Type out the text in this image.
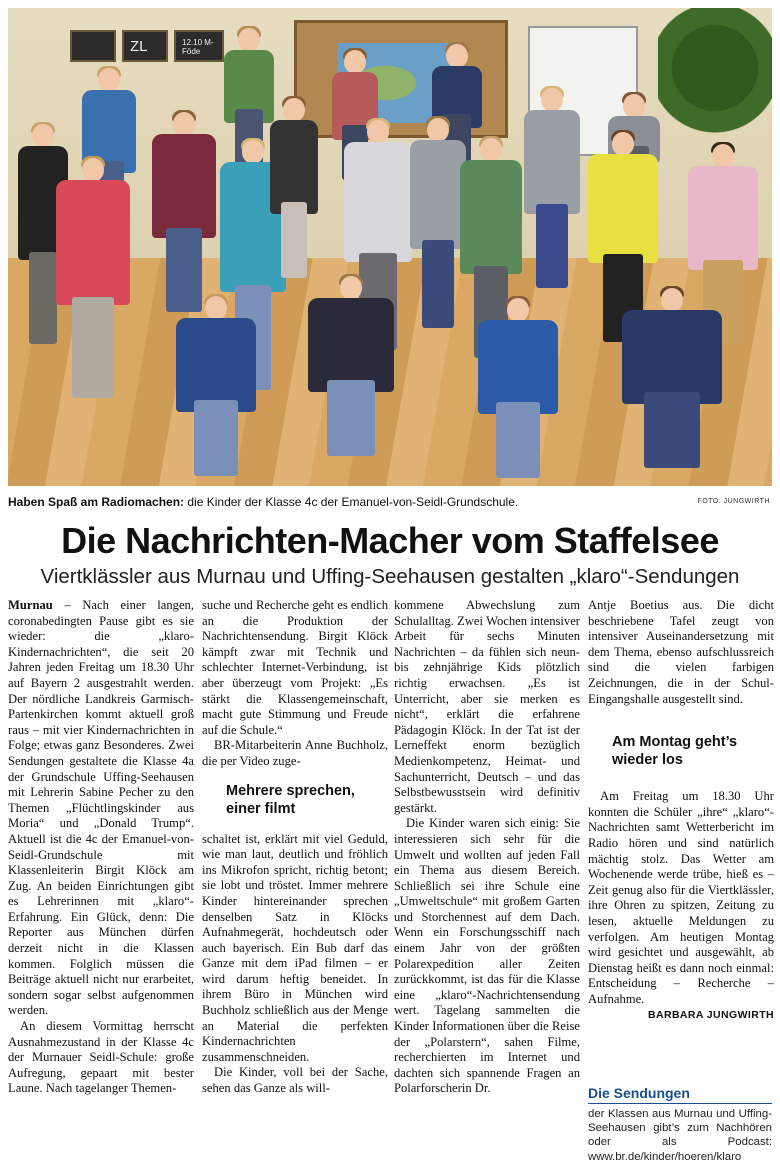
ZL	12.10 M-Föde
Haben Spaß am Radiomachen: die Kinder der Klasse 4c der Emanuel-von-Seidl-Grundschule.	FOTO: JUNGWIRTH
Die Nachrichten-Macher vom Staffelsee
Viertklässler aus Murnau und Uffing-Seehausen gestalten „klaro“-Sendungen

Murnau – Nach einer langen, coronabedingten Pause gibt es sie wieder: die „klaro-Kindernachrichten“, die seit 20 Jahren jeden Freitag um 18.30 Uhr auf Bayern 2 ausgestrahlt werden. Der nördliche Landkreis Garmisch-Partenkirchen kommt aktuell groß raus – mit vier Kindernachrichten in Folge; etwas ganz Besonderes. Zwei Sendungen gestaltete die Klasse 4a der Grundschule Uffing-Seehausen mit Lehrerin Sabine Pecher zu den Themen „Flüchtlingskinder aus Moria“ und „Donald Trump“. Aktuell ist die 4c der Emanuel-von-Seidl-Grundschule mit Klassenleiterin Birgit Klöck am Zug. An beiden Einrichtungen gibt es Lehrerinnen mit „klaro“-Erfahrung. Ein Glück, denn: Die Reporter aus München dürfen derzeit nicht in die Klassen kommen. Folglich müssen die Beiträge aktuell nicht nur erarbeitet, sondern sogar selbst aufgenommen werden.

An diesem Vormittag herrscht Ausnahmezustand in der Klasse 4c der Murnauer Seidl-Schule: große Aufregung, gepaart mit bester Laune. Nach tagelanger Themen-

suche und Recherche geht es endlich an die Produktion der Nachrichtensendung. Birgit Klöck kämpft zwar mit Technik und schlechter Internet-Verbindung, ist aber überzeugt vom Projekt: „Es stärkt die Klassengemeinschaft, macht gute Stimmung und Freude auf die Schule.“

BR-Mitarbeiterin Anne Buchholz, die per Video zuge-

Mehrere sprechen, einer filmt

schaltet ist, erklärt mit viel Geduld, wie man laut, deutlich und fröhlich ins Mikrofon spricht, richtig betont; sie lobt und tröstet. Immer mehrere Kinder hintereinander sprechen denselben Satz in Klöcks Aufnahmegerät, hochdeutsch oder auch bayerisch. Ein Bub darf das Ganze mit dem iPad filmen – er wird darum heftig beneidet. In ihrem Büro in München wird Buchholz schließlich aus der Menge an Material die perfekten Kindernachrichten zusammenschneiden.

Die Kinder, voll bei der Sache, sehen das Ganze als will-

kommene Abwechslung zum Schulalltag. Zwei Wochen intensiver Arbeit für sechs Minuten Nachrichten – da fühlen sich neun- bis zehnjährige Kids plötzlich richtig erwachsen. „Es ist Unterricht, aber sie merken es nicht“, erklärt die erfahrene Pädagogin Klöck. In der Tat ist der Lerneffekt enorm bezüglich Medienkompetenz, Heimat- und Sachunterricht, Deutsch – und das Selbstbewusstsein wird definitiv gestärkt.

Die Kinder waren sich einig: Sie interessieren sich sehr für die Umwelt und wollten auf jeden Fall ein Thema aus diesem Bereich. Schließlich sei ihre Schule eine „Umweltschule“ mit großem Garten und Storchennest auf dem Dach. Wenn ein Forschungsschiff nach einem Jahr von der größten Polarexpedition aller Zeiten zurückkommt, ist das für die Klasse eine „klaro“-Nachrichtensendung wert. Tagelang sammelten die Kinder Informationen über die Reise der „Polarstern“, sahen Filme, recherchierten im Internet und dachten sich spannende Fragen an Polarforscherin Dr.

Antje Boetius aus. Die dicht beschriebene Tafel zeugt von intensiver Auseinandersetzung mit dem Thema, ebenso aufschlussreich sind die vielen farbigen Zeichnungen, die in der Schul-Eingangshalle ausgestellt sind.

Am Montag geht’s wieder los

Am Freitag um 18.30 Uhr konnten die Schüler „ihre“ „klaro“-Nachrichten samt Wetterbericht im Radio hören und sind natürlich mächtig stolz. Das Wetter am Wochenende werde trübe, hieß es – Zeit genug also für die Viertklässler, ihre Ohren zu spitzen, Zeitung zu lesen, aktuelle Meldungen zu verfolgen. Am heutigen Montag wird gesichtet und ausgewählt, ab Dienstag heißt es dann noch einmal: Entscheidung – Recherche – Aufnahme.

BARBARA JUNGWIRTH
Die Sendungen
der Klassen aus Murnau und Uffing-Seehausen gibt’s zum Nachhören oder als Podcast: www.br.de/kinder/hoeren/klaro
